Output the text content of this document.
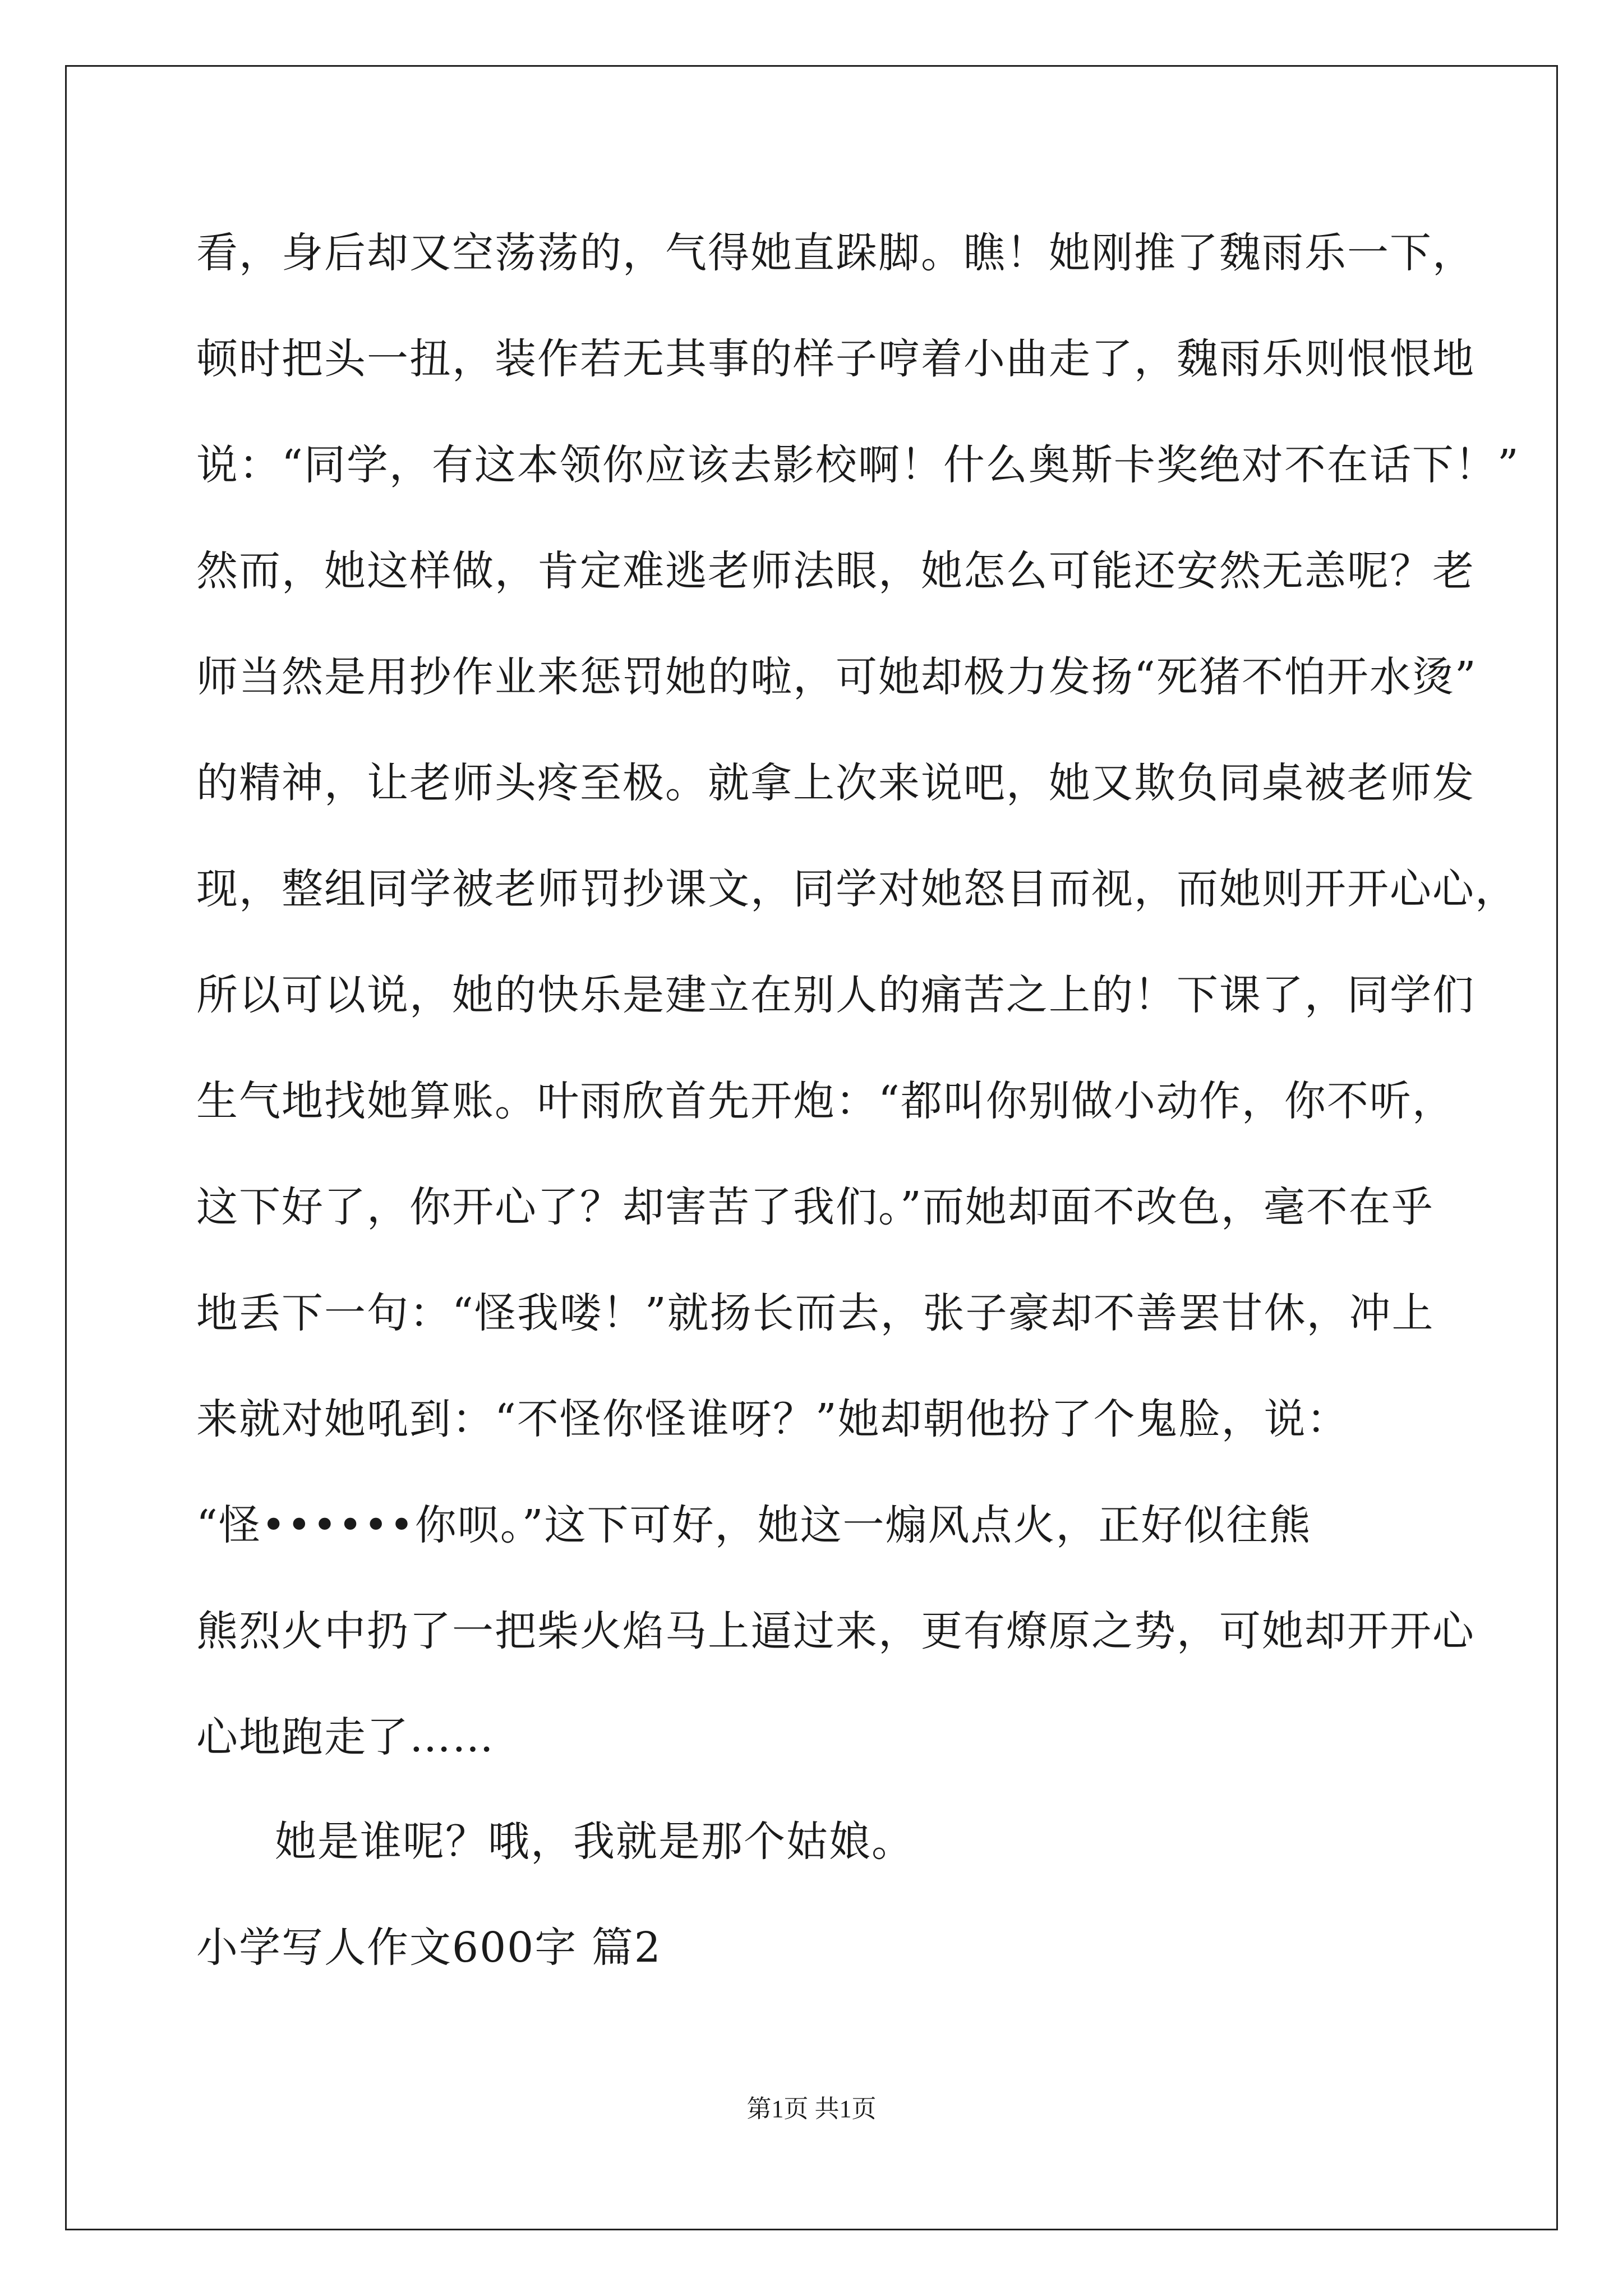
看，身后却又空荡荡的，气得她直跺脚。瞧！她刚推了魏雨乐一下，
顿时把头一扭，装作若无其事的样子哼着小曲走了，魏雨乐则恨恨地
说：“同学，有这本领你应该去影校啊！什么奥斯卡奖绝对不在话下！”
然而，她这样做，肯定难逃老师法眼，她怎么可能还安然无恙呢？老
师当然是用抄作业来惩罚她的啦，可她却极力发扬“死猪不怕开水烫”
的精神，让老师头疼至极。就拿上次来说吧，她又欺负同桌被老师发
现，整组同学被老师罚抄课文，同学对她怒目而视，而她则开开心心，
所以可以说，她的快乐是建立在别人的痛苦之上的！下课了，同学们
生气地找她算账。叶雨欣首先开炮：“都叫你别做小动作，你不听，
这下好了，你开心了？却害苦了我们。”而她却面不改色，毫不在乎
地丢下一句：“怪我喽！”就扬长而去，张子豪却不善罢甘休，冲上
来就对她吼到：“不怪你怪谁呀？”她却朝他扮了个鬼脸，说：
“怪••••••你呗。”这下可好，她这一煽风点火，正好似往熊
熊烈火中扔了一把柴火焰马上逼过来，更有燎原之势，可她却开开心
心地跑走了……
她是谁呢？哦，我就是那个姑娘。
小学写人作文600字 篇2
第1页 共1页
